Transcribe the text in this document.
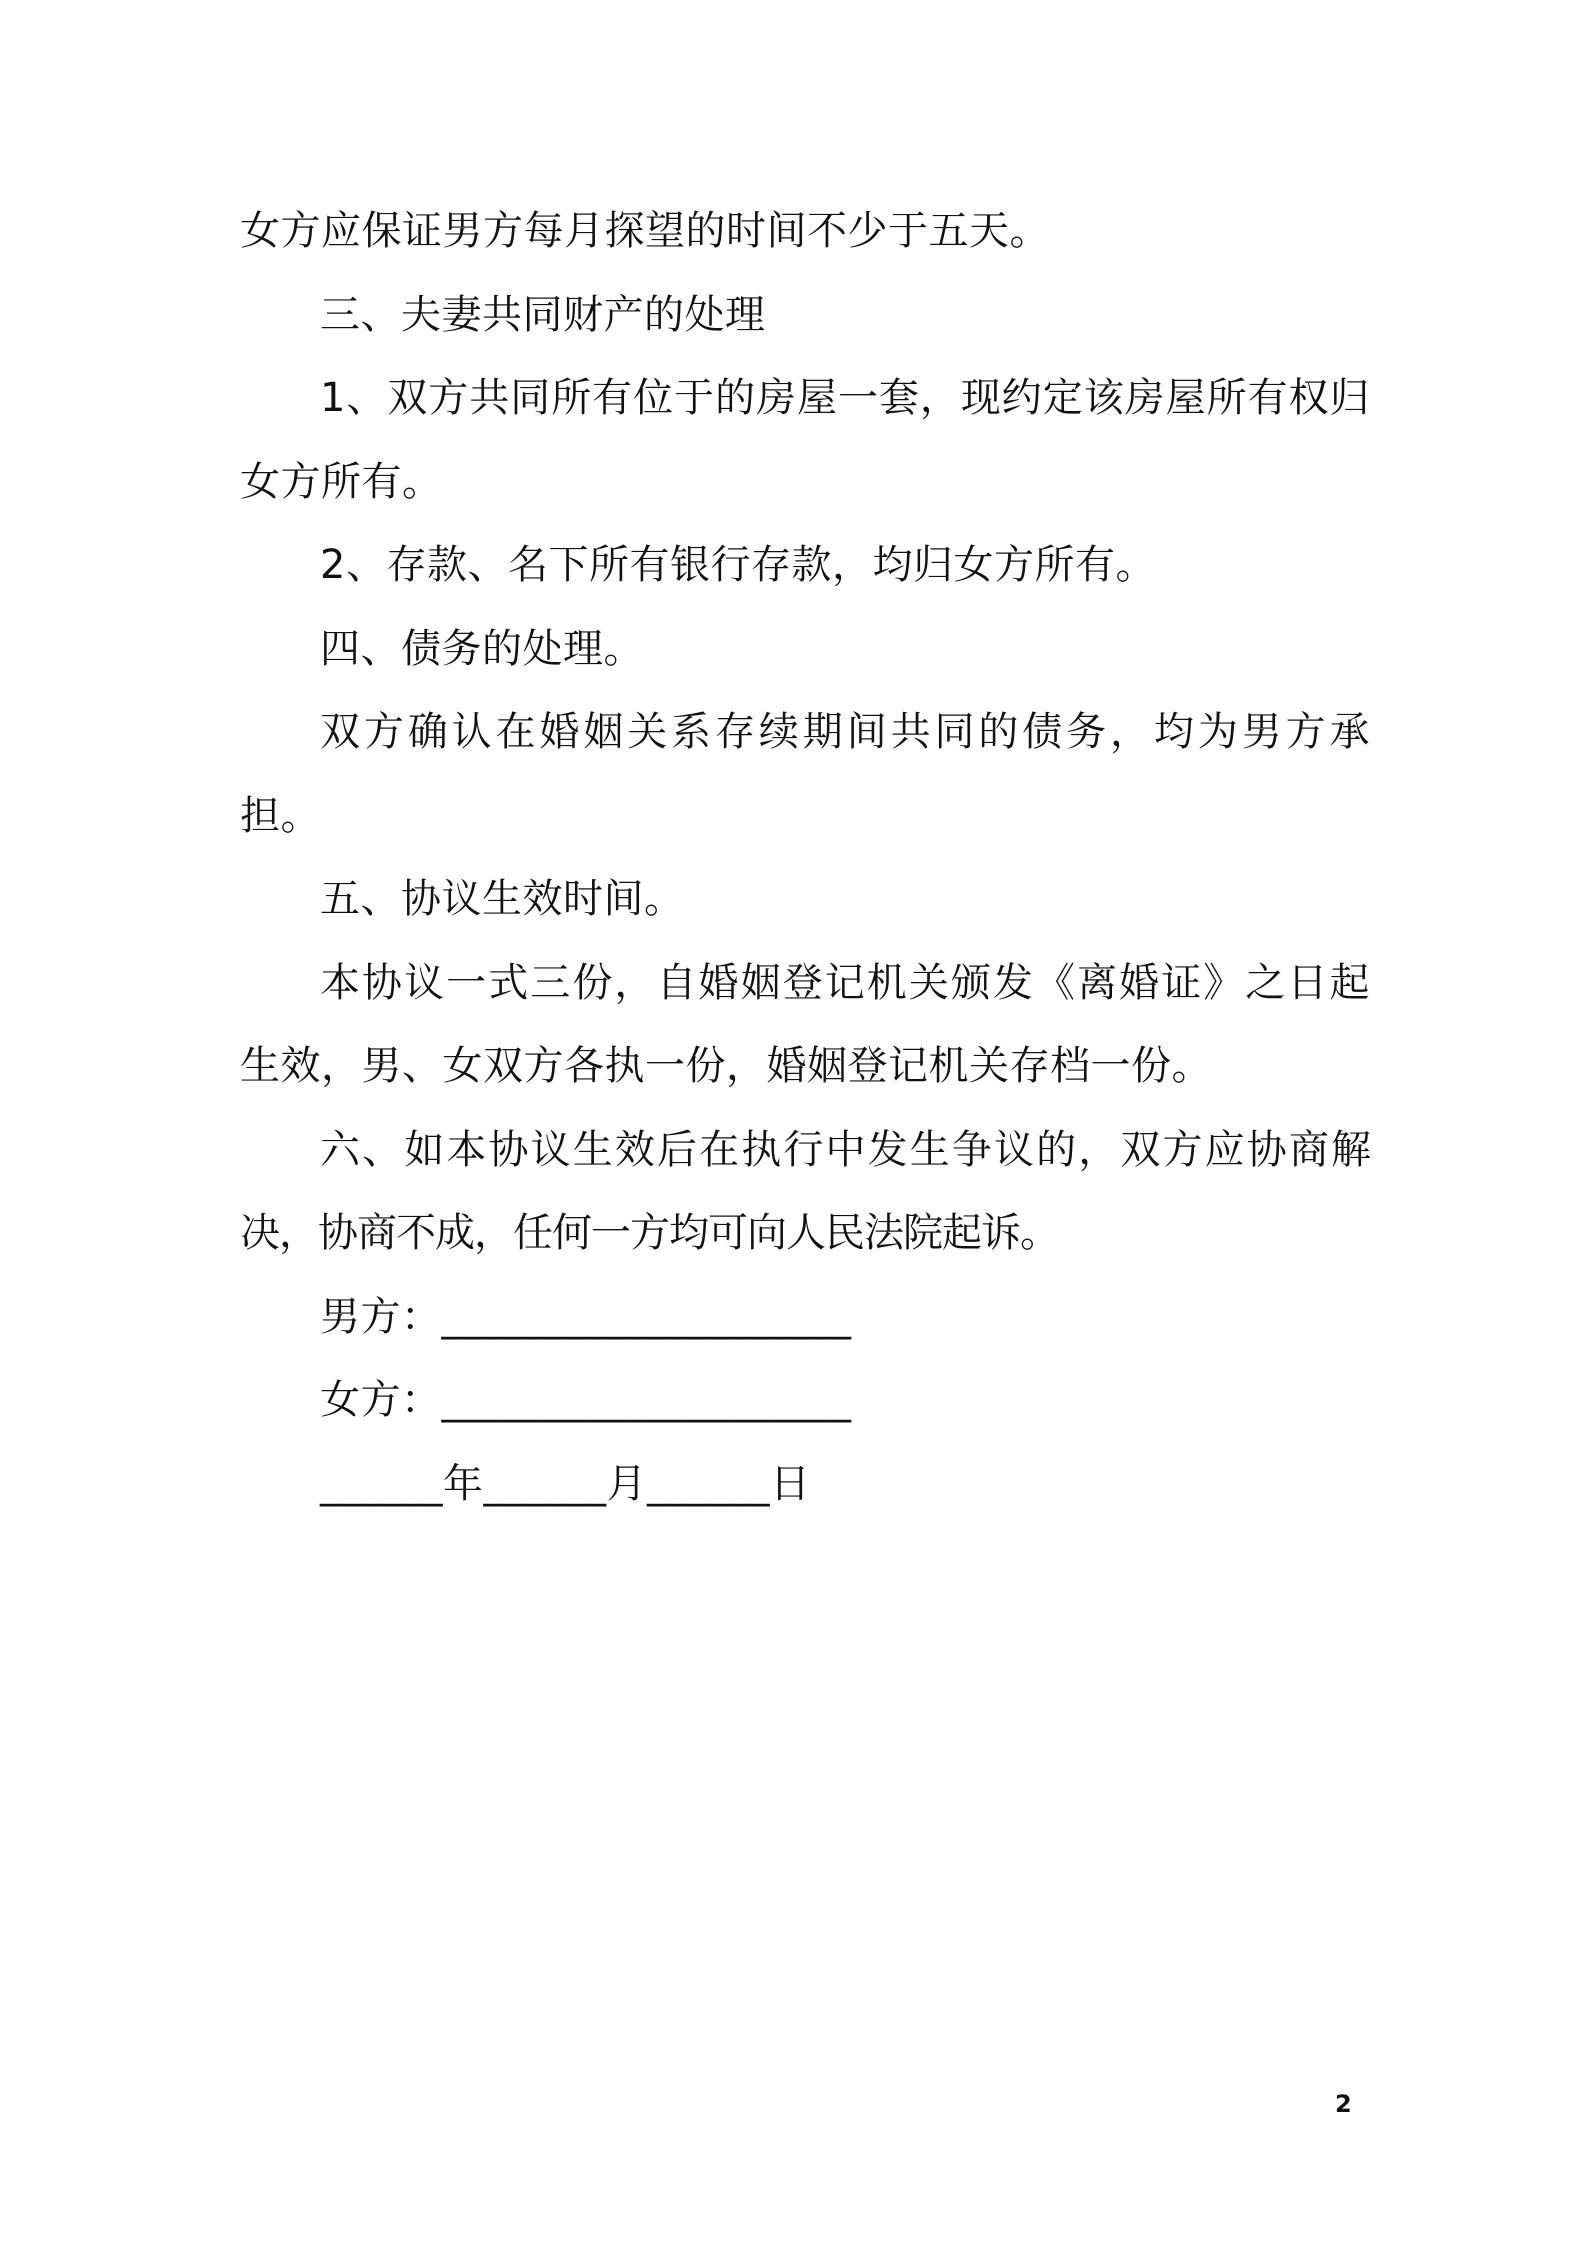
女方应保证男方每月探望的时间不少于五天。

三、夫妻共同财产的处理

1、双方共同所有位于的房屋一套，现约定该房屋所有权归女方所有。

2、存款、名下所有银行存款，均归女方所有。

四、债务的处理。

双方确认在婚姻关系存续期间共同的债务，均为男方承担。

五、协议生效时间。

本协议一式三份，自婚姻登记机关颁发《离婚证》之日起生效，男、女双方各执一份，婚姻登记机关存档一份。

六、如本协议生效后在执行中发生争议的，双方应协商解决，协商不成，任何一方均可向人民法院起诉。

男方：____________________

女方：____________________

______年______月______日

2
